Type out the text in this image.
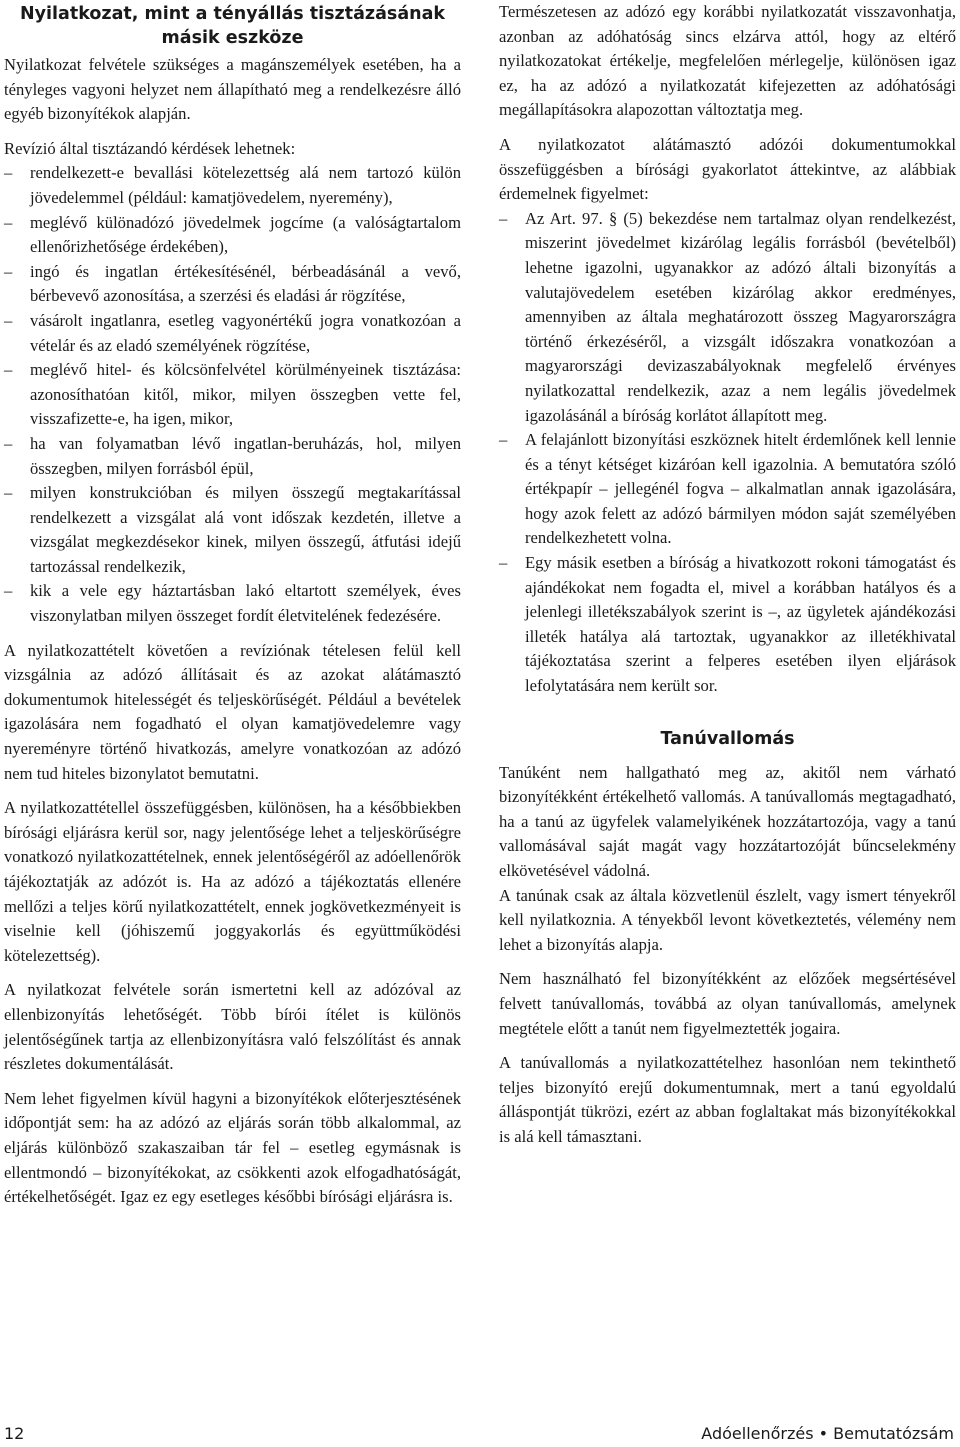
Nyilatkozat, mint a tényállás tisztázásának másik eszköze

Nyilatkozat felvétele szükséges a magánszemélyek esetében, ha a tényleges vagyoni helyzet nem állapítható meg a rendelkezésre álló egyéb bizonyítékok alapján.

Revízió által tisztázandó kérdések lehetnek:

– rendelkezett-e bevallási kötelezettség alá nem tartozó külön jövedelemmel (például: kamatjövedelem, nyeremény),
– meglévő különadózó jövedelmek jogcíme (a valóságtartalom ellenőrizhetősége érdekében),
– ingó és ingatlan értékesítésénél, bérbeadásánál a vevő, bérbevevő azonosítása, a szerzési és eladási ár rögzítése,
– vásárolt ingatlanra, esetleg vagyonértékű jogra vonatkozóan a vételár és az eladó személyének rögzítése,
– meglévő hitel- és kölcsönfelvétel körülményeinek tisztázása: azonosíthatóan kitől, mikor, milyen összegben vette fel, visszafizette-e, ha igen, mikor,
– ha van folyamatban lévő ingatlan-beruházás, hol, milyen összegben, milyen forrásból épül,
– milyen konstrukcióban és milyen összegű megtakarítással rendelkezett a vizsgálat alá vont időszak kezdetén, illetve a vizsgálat megkezdésekor kinek, milyen összegű, átfutási idejű tartozással rendelkezik,
– kik a vele egy háztartásban lakó eltartott személyek, éves viszonylatban milyen összeget fordít életvitelének fedezésére.

A nyilatkozattételt követően a revíziónak tételesen felül kell vizsgálnia az adózó állításait és az azokat alátámasztó dokumentumok hitelességét és teljeskörűségét. Például a bevételek igazolására nem fogadható el olyan kamatjövedelemre vagy nyereményre történő hivatkozás, amelyre vonatkozóan az adózó nem tud hiteles bizonylatot bemutatni.

A nyilatkozattétellel összefüggésben, különösen, ha a későbbiekben bírósági eljárásra kerül sor, nagy jelentősége lehet a teljeskörűségre vonatkozó nyilatkozattételnek, ennek jelentőségéről az adóellenőrök tájékoztatják az adózót is. Ha az adózó a tájékoztatás ellenére mellőzi a teljes körű nyilatkozattételt, ennek jogkövetkezményeit is viselnie kell (jóhiszemű joggyakorlás és együttműködési kötelezettség).

A nyilatkozat felvétele során ismertetni kell az adózóval az ellenbizonyítás lehetőségét. Több bírói ítélet is különös jelentőségűnek tartja az ellenbizonyításra való felszólítást és annak részletes dokumentálását.

Nem lehet figyelmen kívül hagyni a bizonyítékok előterjesztésének időpontját sem: ha az adózó az eljárás során több alkalommal, az eljárás különböző szakaszaiban tár fel – esetleg egymásnak is ellentmondó – bizonyítékokat, az csökkenti azok elfogadhatóságát, értékelhetőségét. Igaz ez egy esetleges későbbi bírósági eljárásra is.

Természetesen az adózó egy korábbi nyilatkozatát visszavonhatja, azonban az adóhatóság sincs elzárva attól, hogy az eltérő nyilatkozatokat értékelje, megfelelően mérlegelje, különösen igaz ez, ha az adózó a nyilatkozatát kifejezetten az adóhatósági megállapításokra alapozottan változtatja meg.

A nyilatkozatot alátámasztó adózói dokumentumokkal összefüggésben a bírósági gyakorlatot áttekintve, az alábbiak érdemelnek figyelmet:

– Az Art. 97. § (5) bekezdése nem tartalmaz olyan rendelkezést, miszerint jövedelmet kizárólag legális forrásból (bevételből) lehetne igazolni, ugyanakkor az adózó általi bizonyítás a valutajövedelem esetében kizárólag akkor eredményes, amennyiben az általa meghatározott összeg Magyarországra történő érkezéséről, a vizsgált időszakra vonatkozóan a magyarországi devizaszabályoknak megfelelő érvényes nyilatkozattal rendelkezik, azaz a nem legális jövedelmek igazolásánál a bíróság korlátot állapított meg.
– A felajánlott bizonyítási eszköznek hitelt érdemlőnek kell lennie és a tényt kétséget kizáróan kell igazolnia. A bemutatóra szóló értékpapír – jellegénél fogva – alkalmatlan annak igazolására, hogy azok felett az adózó bármilyen módon saját személyében rendelkezhetett volna.
– Egy másik esetben a bíróság a hivatkozott rokoni támogatást és ajándékokat nem fogadta el, mivel a korábban hatályos és a jelenlegi illetékszabályok szerint is –, az ügyletek ajándékozási illeték hatálya alá tartoztak, ugyanakkor az illetékhivatal tájékoztatása szerint a felperes esetében ilyen eljárások lefolytatására nem került sor.
Tanúvallomás

Tanúként nem hallgatható meg az, akitől nem várható bizonyítékként értékelhető vallomás. A tanúvallomás megtagadható, ha a tanú az ügyfelek valamelyikének hozzátartozója, vagy a tanú vallomásával saját magát vagy hozzátartozóját bűncselekmény elkövetésével vádolná.

A tanúnak csak az általa közvetlenül észlelt, vagy ismert tényekről kell nyilatkoznia. A tényekből levont következtetés, vélemény nem lehet a bizonyítás alapja.

Nem használható fel bizonyítékként az előzőek megsértésével felvett tanúvallomás, továbbá az olyan tanúvallomás, amelynek megtétele előtt a tanút nem figyelmeztették jogaira.

A tanúvallomás a nyilatkozattételhez hasonlóan nem tekinthető teljes bizonyító erejű dokumentumnak, mert a tanú egyoldalú álláspontját tükrözi, ezért az abban foglaltakat más bizonyítékokkal is alá kell támasztani.

12	Adóellenőrzés • Bemutatózsám
